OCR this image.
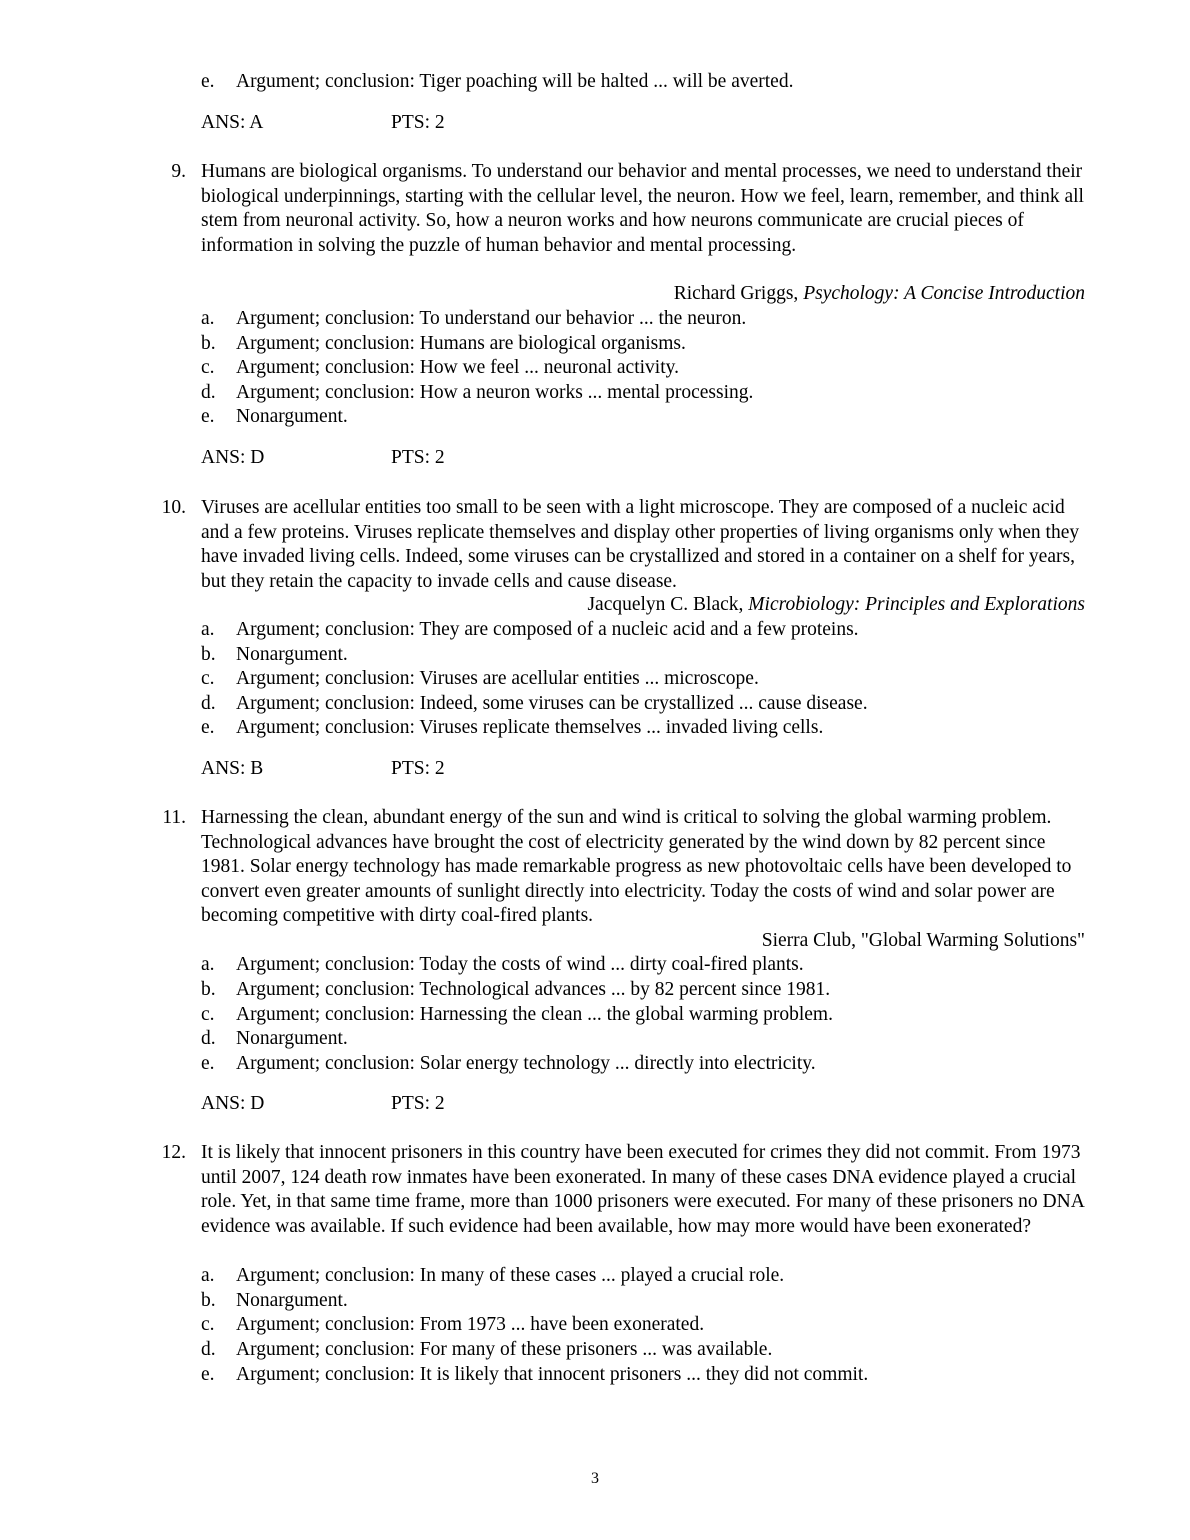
e. Argument; conclusion: Tiger poaching will be halted ... will be averted.
ANS: A	PTS: 2
9. Humans are biological organisms. To understand our behavior and mental processes, we need to understand their biological underpinnings, starting with the cellular level, the neuron. How we feel, learn, remember, and think all stem from neuronal activity. So, how a neuron works and how neurons communicate are crucial pieces of information in solving the puzzle of human behavior and mental processing.
Richard Griggs, Psychology: A Concise Introduction
a. Argument; conclusion: To understand our behavior ... the neuron.
b. Argument; conclusion: Humans are biological organisms.
c. Argument; conclusion: How we feel ... neuronal activity.
d. Argument; conclusion: How a neuron works ... mental processing.
e. Nonargument.
ANS: D	PTS: 2
10. Viruses are acellular entities too small to be seen with a light microscope. They are composed of a nucleic acid and a few proteins. Viruses replicate themselves and display other properties of living organisms only when they have invaded living cells. Indeed, some viruses can be crystallized and stored in a container on a shelf for years, but they retain the capacity to invade cells and cause disease.
Jacquelyn C. Black, Microbiology: Principles and Explorations
a. Argument; conclusion: They are composed of a nucleic acid and a few proteins.
b. Nonargument.
c. Argument; conclusion: Viruses are acellular entities ... microscope.
d. Argument; conclusion: Indeed, some viruses can be crystallized ... cause disease.
e. Argument; conclusion: Viruses replicate themselves ... invaded living cells.
ANS: B	PTS: 2
11. Harnessing the clean, abundant energy of the sun and wind is critical to solving the global warming problem. Technological advances have brought the cost of electricity generated by the wind down by 82 percent since 1981. Solar energy technology has made remarkable progress as new photovoltaic cells have been developed to convert even greater amounts of sunlight directly into electricity. Today the costs of wind and solar power are becoming competitive with dirty coal-fired plants.
Sierra Club, "Global Warming Solutions"
a. Argument; conclusion: Today the costs of wind ... dirty coal-fired plants.
b. Argument; conclusion: Technological advances ... by 82 percent since 1981.
c. Argument; conclusion: Harnessing the clean ... the global warming problem.
d. Nonargument.
e. Argument; conclusion: Solar energy technology ... directly into electricity.
ANS: D	PTS: 2
12. It is likely that innocent prisoners in this country have been executed for crimes they did not commit. From 1973 until 2007, 124 death row inmates have been exonerated. In many of these cases DNA evidence played a crucial role. Yet, in that same time frame, more than 1000 prisoners were executed. For many of these prisoners no DNA evidence was available. If such evidence had been available, how may more would have been exonerated?
a. Argument; conclusion: In many of these cases ... played a crucial role.
b. Nonargument.
c. Argument; conclusion: From 1973 ... have been exonerated.
d. Argument; conclusion: For many of these prisoners ... was available.
e. Argument; conclusion: It is likely that innocent prisoners ... they did not commit.
3
